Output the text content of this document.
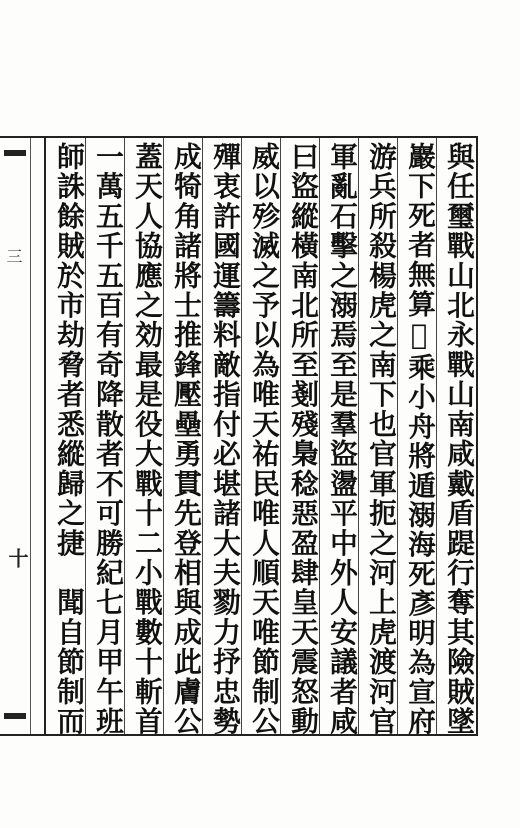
三
十	與任璽戰山北永戰山南咸戴盾踶行奪其險賊墜
巖下死者無算𥝠乘小舟將遁溺海死彥明為宣府
游兵所殺楊虎之南下也官軍扼之河上虎渡河官
軍亂石擊之溺焉至是羣盜盪平中外人安議者咸
曰盜縱橫南北所至剗殘梟稔惡盈肆皇天震怒動
威以殄滅之予以為唯天祐民唯人順天唯節制公
殫衷許國運籌料敵指付必堪諸大夫勠力抒忠勢
成犄角諸將士推鋒壓壘勇貫先登相與成此膚公
蓋天人協應之効最是役大戰十二小戰數十斬首
一萬五千五百有奇降散者不可勝紀七月甲午班
師誅餘賊於市劫脅者悉縱歸之捷　聞自節制而
